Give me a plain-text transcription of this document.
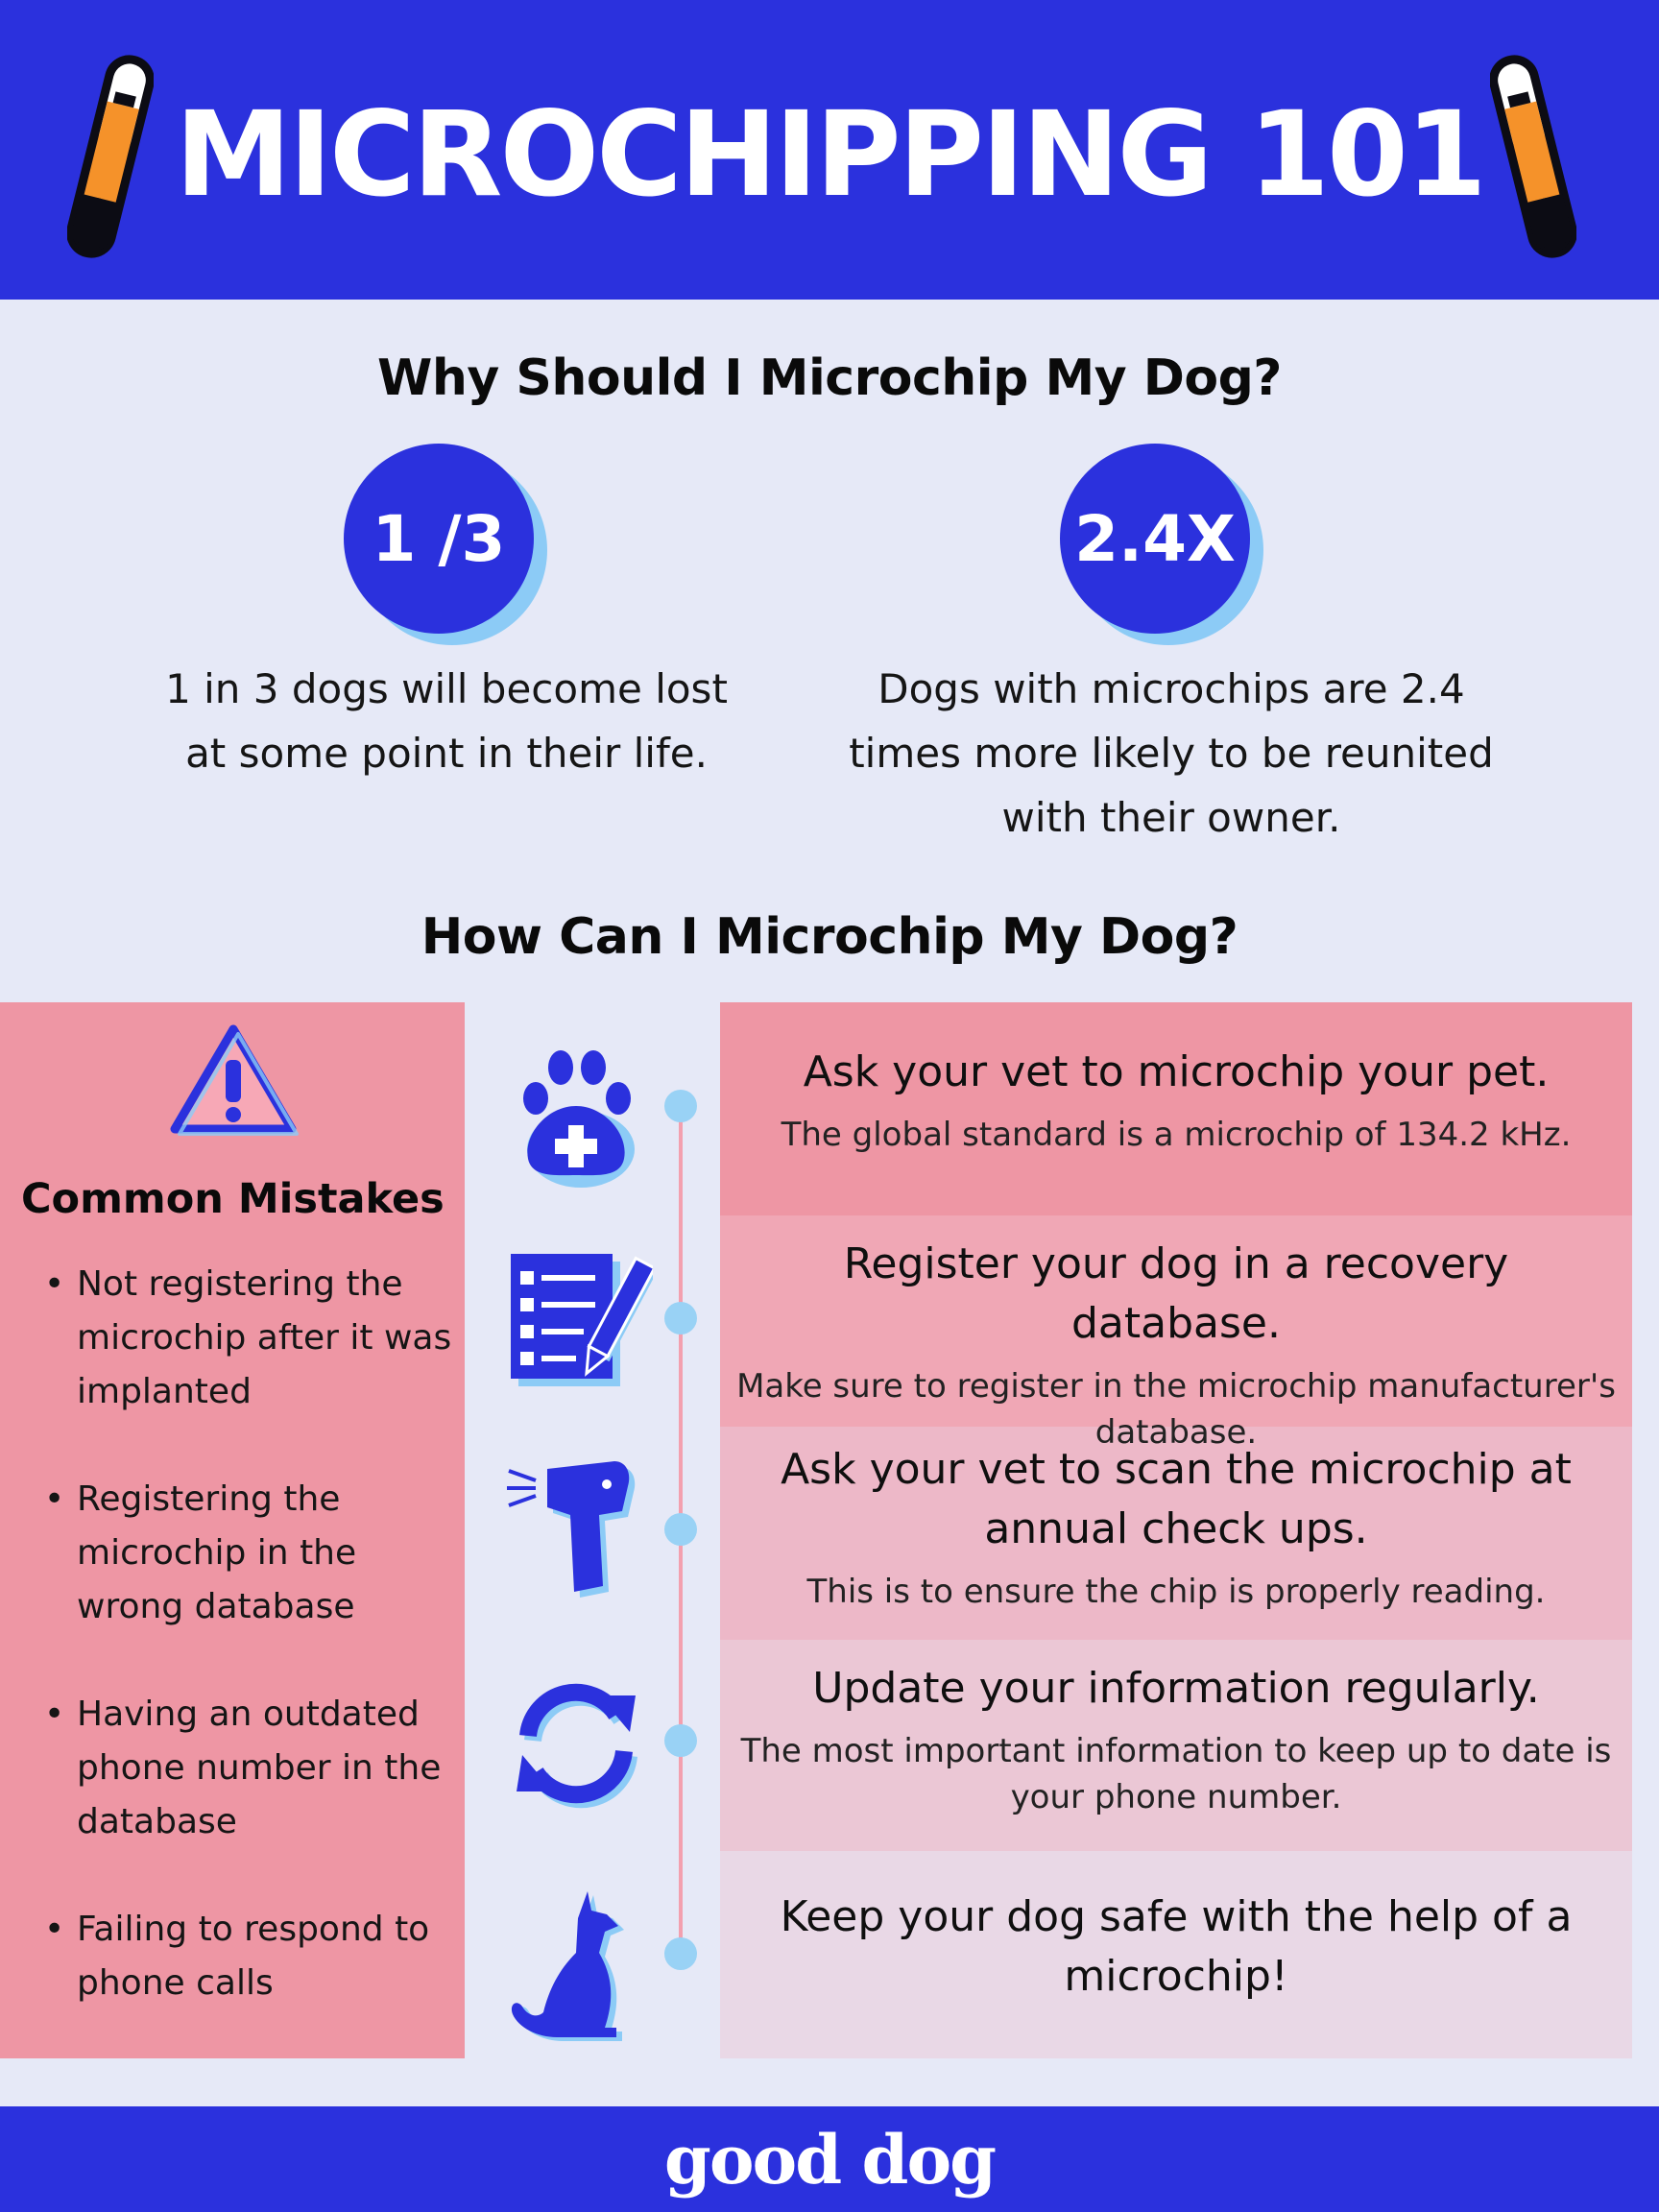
MICROCHIPPING 101
Why Should I Microchip My Dog?
1 /3
1 in 3 dogs will become lost at some point in their life.
2.4X
Dogs with microchips are 2.4 times more likely to be reunited with their owner.
How Can I Microchip My Dog?
Common Mistakes
• Not registering the microchip after it was implanted
• Registering the microchip in the wrong database
• Having an outdated phone number in the database
• Failing to respond to phone calls
Ask your vet to microchip your pet.
The global standard is a microchip of 134.2 kHz.
Register your dog in a recovery database.
Make sure to register in the microchip manufacturer's database.
Ask your vet to scan the microchip at annual check ups.
This is to ensure the chip is properly reading.
Update your information regularly.
The most important information to keep up to date is your phone number.
Keep your dog safe with the help of a microchip!
good dog
